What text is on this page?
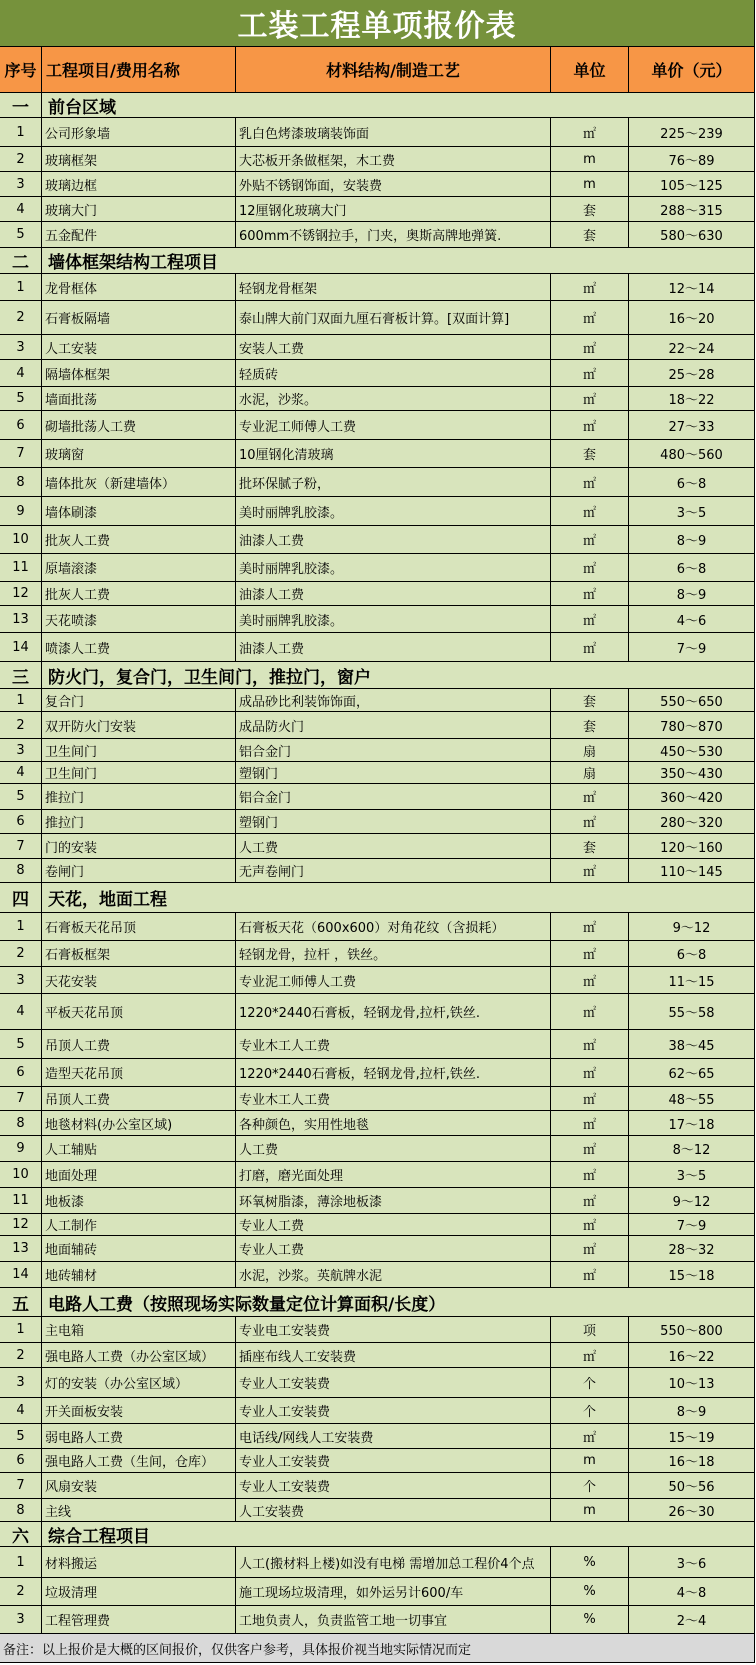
工装工程单项报价表
序号 工程项目/费用名称	材料结构/制造工艺	单位	单价（元）
一	前台区域
1	公司形象墙	乳白色烤漆玻璃装饰面	㎡	225～239
2	玻璃框架	大芯板开条做框架，木工费	m	76～89
3	玻璃边框	外贴不锈钢饰面，安装费	m	105～125
4	玻璃大门	12厘钢化玻璃大门	套	288～315
5	五金配件	600mm不锈钢拉手，门夹，奥斯高牌地弹簧.	套	580～630
二	墙体框架结构工程项目
1	龙骨框体	轻钢龙骨框架	㎡	12～14
2	石膏板隔墙	泰山牌大前门双面九厘石膏板计算。[双面计算]	㎡	16～20
3	人工安装	安装人工费	㎡	22～24
4	隔墙体框架	轻质砖	㎡	25～28
5	墙面批荡	水泥，沙浆。	㎡	18～22
6	砌墙批荡人工费	专业泥工师傅人工费	㎡	27～33
7	玻璃窗	10厘钢化清玻璃	套	480～560
8	墙体批灰（新建墙体）	批环保腻子粉，	㎡	6～8
9	墙体刷漆	美时丽牌乳胶漆。	㎡	3～5
10	批灰人工费	油漆人工费	㎡	8～9
11	原墙滚漆	美时丽牌乳胶漆。	㎡	6～8
12	批灰人工费	油漆人工费	㎡	8～9
13	天花喷漆	美时丽牌乳胶漆。	㎡	4～6
14	喷漆人工费	油漆人工费	㎡	7～9
三	防火门，复合门，卫生间门，推拉门，窗户
1	复合门	成品砂比利装饰饰面，	套	550～650
2	双开防火门安装	成品防火门	套	780～870
3	卫生间门	铝合金门	扇	450～530
4	卫生间门	塑钢门	扇	350～430
5	推拉门	铝合金门	㎡	360～420
6	推拉门	塑钢门	㎡	280～320
7	门的安装	人工费	套	120～160
8	卷闸门	无声卷闸门	㎡	110～145
四	天花，地面工程
1	石膏板天花吊顶	石膏板天花（600x600）对角花纹（含损耗）	㎡	9～12
2	石膏板框架	轻钢龙骨，拉杆 ，铁丝。	㎡	6～8
3	天花安装	专业泥工师傅人工费	㎡	11～15
4	平板天花吊顶	1220*2440石膏板，轻钢龙骨,拉杆,铁丝.	㎡	55～58
5	吊顶人工费	专业木工人工费	㎡	38～45
6	造型天花吊顶	1220*2440石膏板，轻钢龙骨,拉杆,铁丝.	㎡	62～65
7	吊顶人工费	专业木工人工费	㎡	48～55
8	地毯材料(办公室区域)	各种颜色，实用性地毯	㎡	17～18
9	人工辅贴	人工费	㎡	8～12
10	地面处理	打磨，磨光面处理	㎡	3～5
11	地板漆	环氧树脂漆，薄涂地板漆	㎡	9～12
12	人工制作	专业人工费	㎡	7～9
13	地面辅砖	专业人工费	㎡	28～32
14	地砖辅材	水泥，沙浆。英航牌水泥	㎡	15～18
五	电路人工费（按照现场实际数量定位计算面积/长度）
1	主电箱	专业电工安装费	项	550～800
2	强电路人工费（办公室区域）	插座布线人工安装费	㎡	16～22
3	灯的安装（办公室区域）	专业人工安装费	个	10～13
4	开关面板安装	专业人工安装费	个	8～9
5	弱电路人工费	电话线/网线人工安装费	㎡	15～19
6	强电路人工费（生间，仓库）	专业人工安装费	m	16～18
7	风扇安装	专业人工安装费	个	50～56
8	主线	人工安装费	m	26～30
六	综合工程项目
1	材料搬运	人工(搬材料上楼)如没有电梯 需增加总工程价4个点	%	3～6
2	垃圾清理	施工现场垃圾清理，如外运另计600/车	%	4～8
3	工程管理费	工地负责人，负责监管工地一切事宜	%	2～4
备注：以上报价是大概的区间报价，仅供客户参考，具体报价视当地实际情况而定
